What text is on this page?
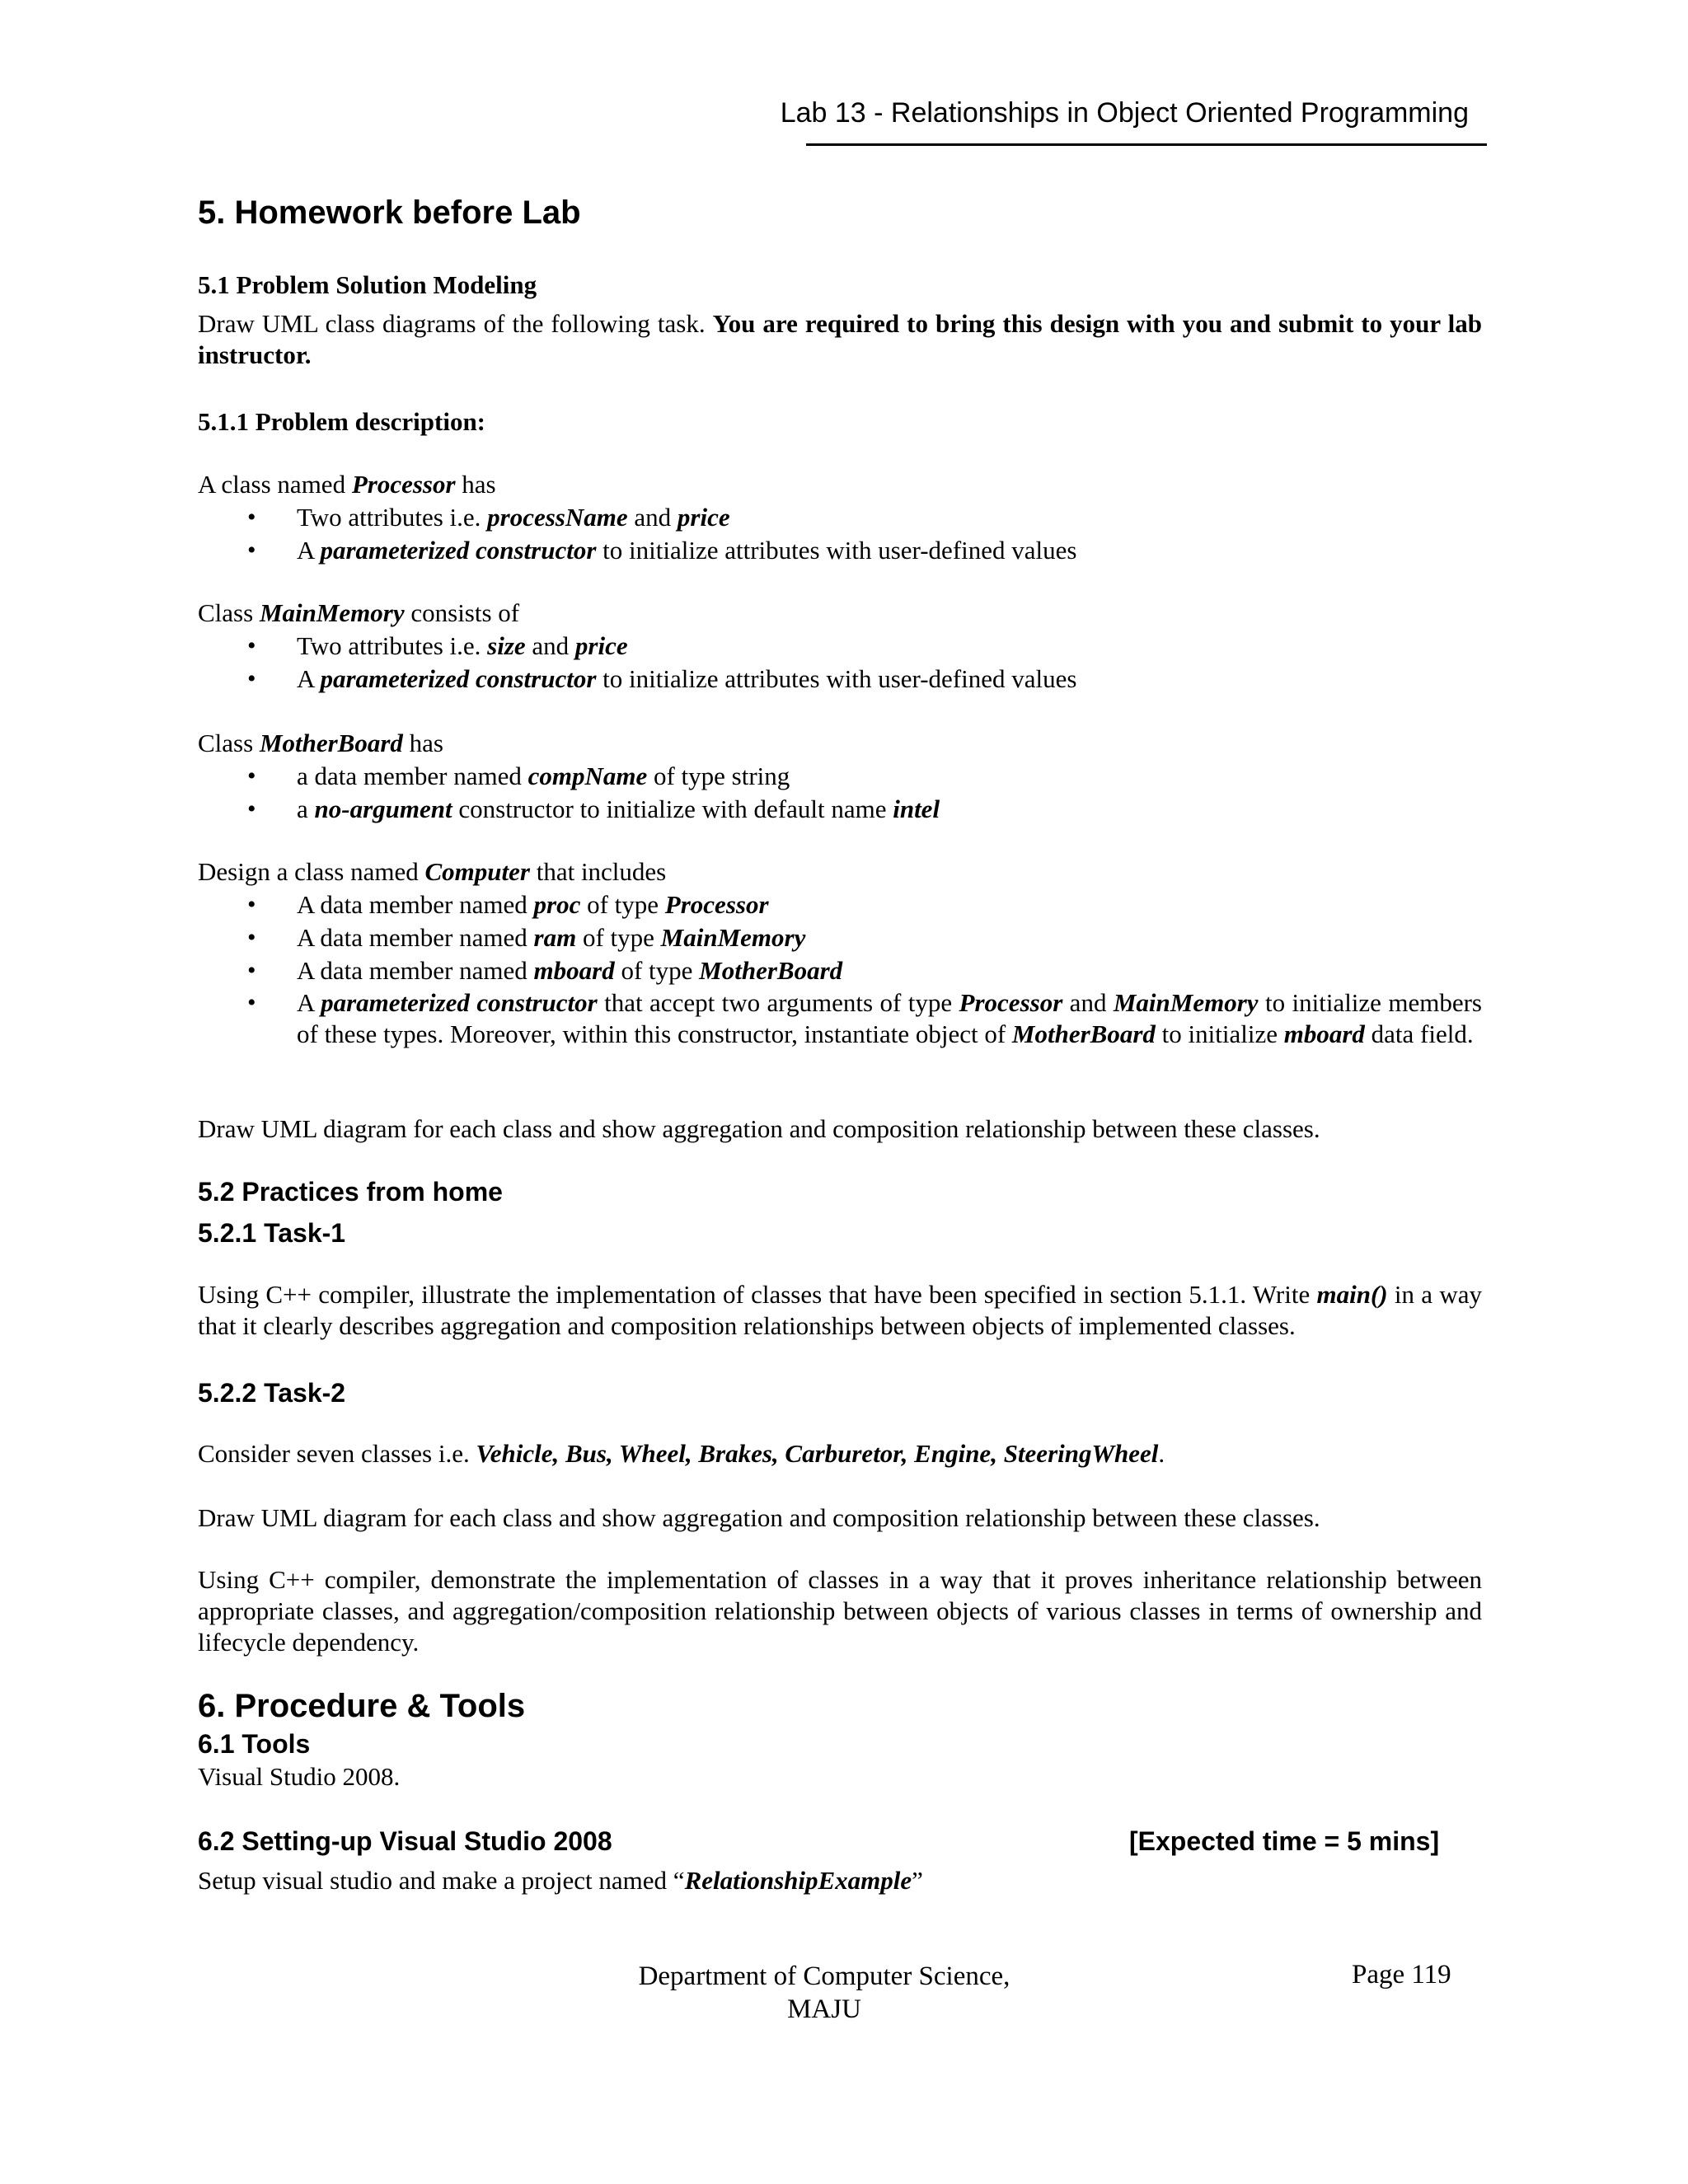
Lab 13 - Relationships in Object Oriented Programming
5. Homework before Lab
5.1 Problem Solution Modeling
Draw UML class diagrams of the following task. You are required to bring this design with you and submit to your lab instructor.
5.1.1 Problem description:
A class named Processor has
• Two attributes i.e. processName and price
• A parameterized constructor to initialize attributes with user-defined values
Class MainMemory consists of
• Two attributes i.e. size and price
• A parameterized constructor to initialize attributes with user-defined values
Class MotherBoard has
• a data member named compName of type string
• a no-argument constructor to initialize with default name intel
Design a class named Computer that includes
• A data member named proc of type Processor
• A data member named ram of type MainMemory
• A data member named mboard of type MotherBoard
• A parameterized constructor that accept two arguments of type Processor and MainMemory to initialize members of these types. Moreover, within this constructor, instantiate object of MotherBoard to initialize mboard data field.
Draw UML diagram for each class and show aggregation and composition relationship between these classes.
5.2 Practices from home
5.2.1 Task-1
Using C++ compiler, illustrate the implementation of classes that have been specified in section 5.1.1. Write main() in a way that it clearly describes aggregation and composition relationships between objects of implemented classes.
5.2.2 Task-2
Consider seven classes i.e. Vehicle, Bus, Wheel, Brakes, Carburetor, Engine, SteeringWheel.
Draw UML diagram for each class and show aggregation and composition relationship between these classes.
Using C++ compiler, demonstrate the implementation of classes in a way that it proves inheritance relationship between appropriate classes, and aggregation/composition relationship between objects of various classes in terms of ownership and lifecycle dependency.
6. Procedure & Tools
6.1 Tools
Visual Studio 2008.
6.2 Setting-up Visual Studio 2008	[Expected time = 5 mins]
Setup visual studio and make a project named “RelationshipExample”
Department of Computer Science,
MAJU
Page 119
